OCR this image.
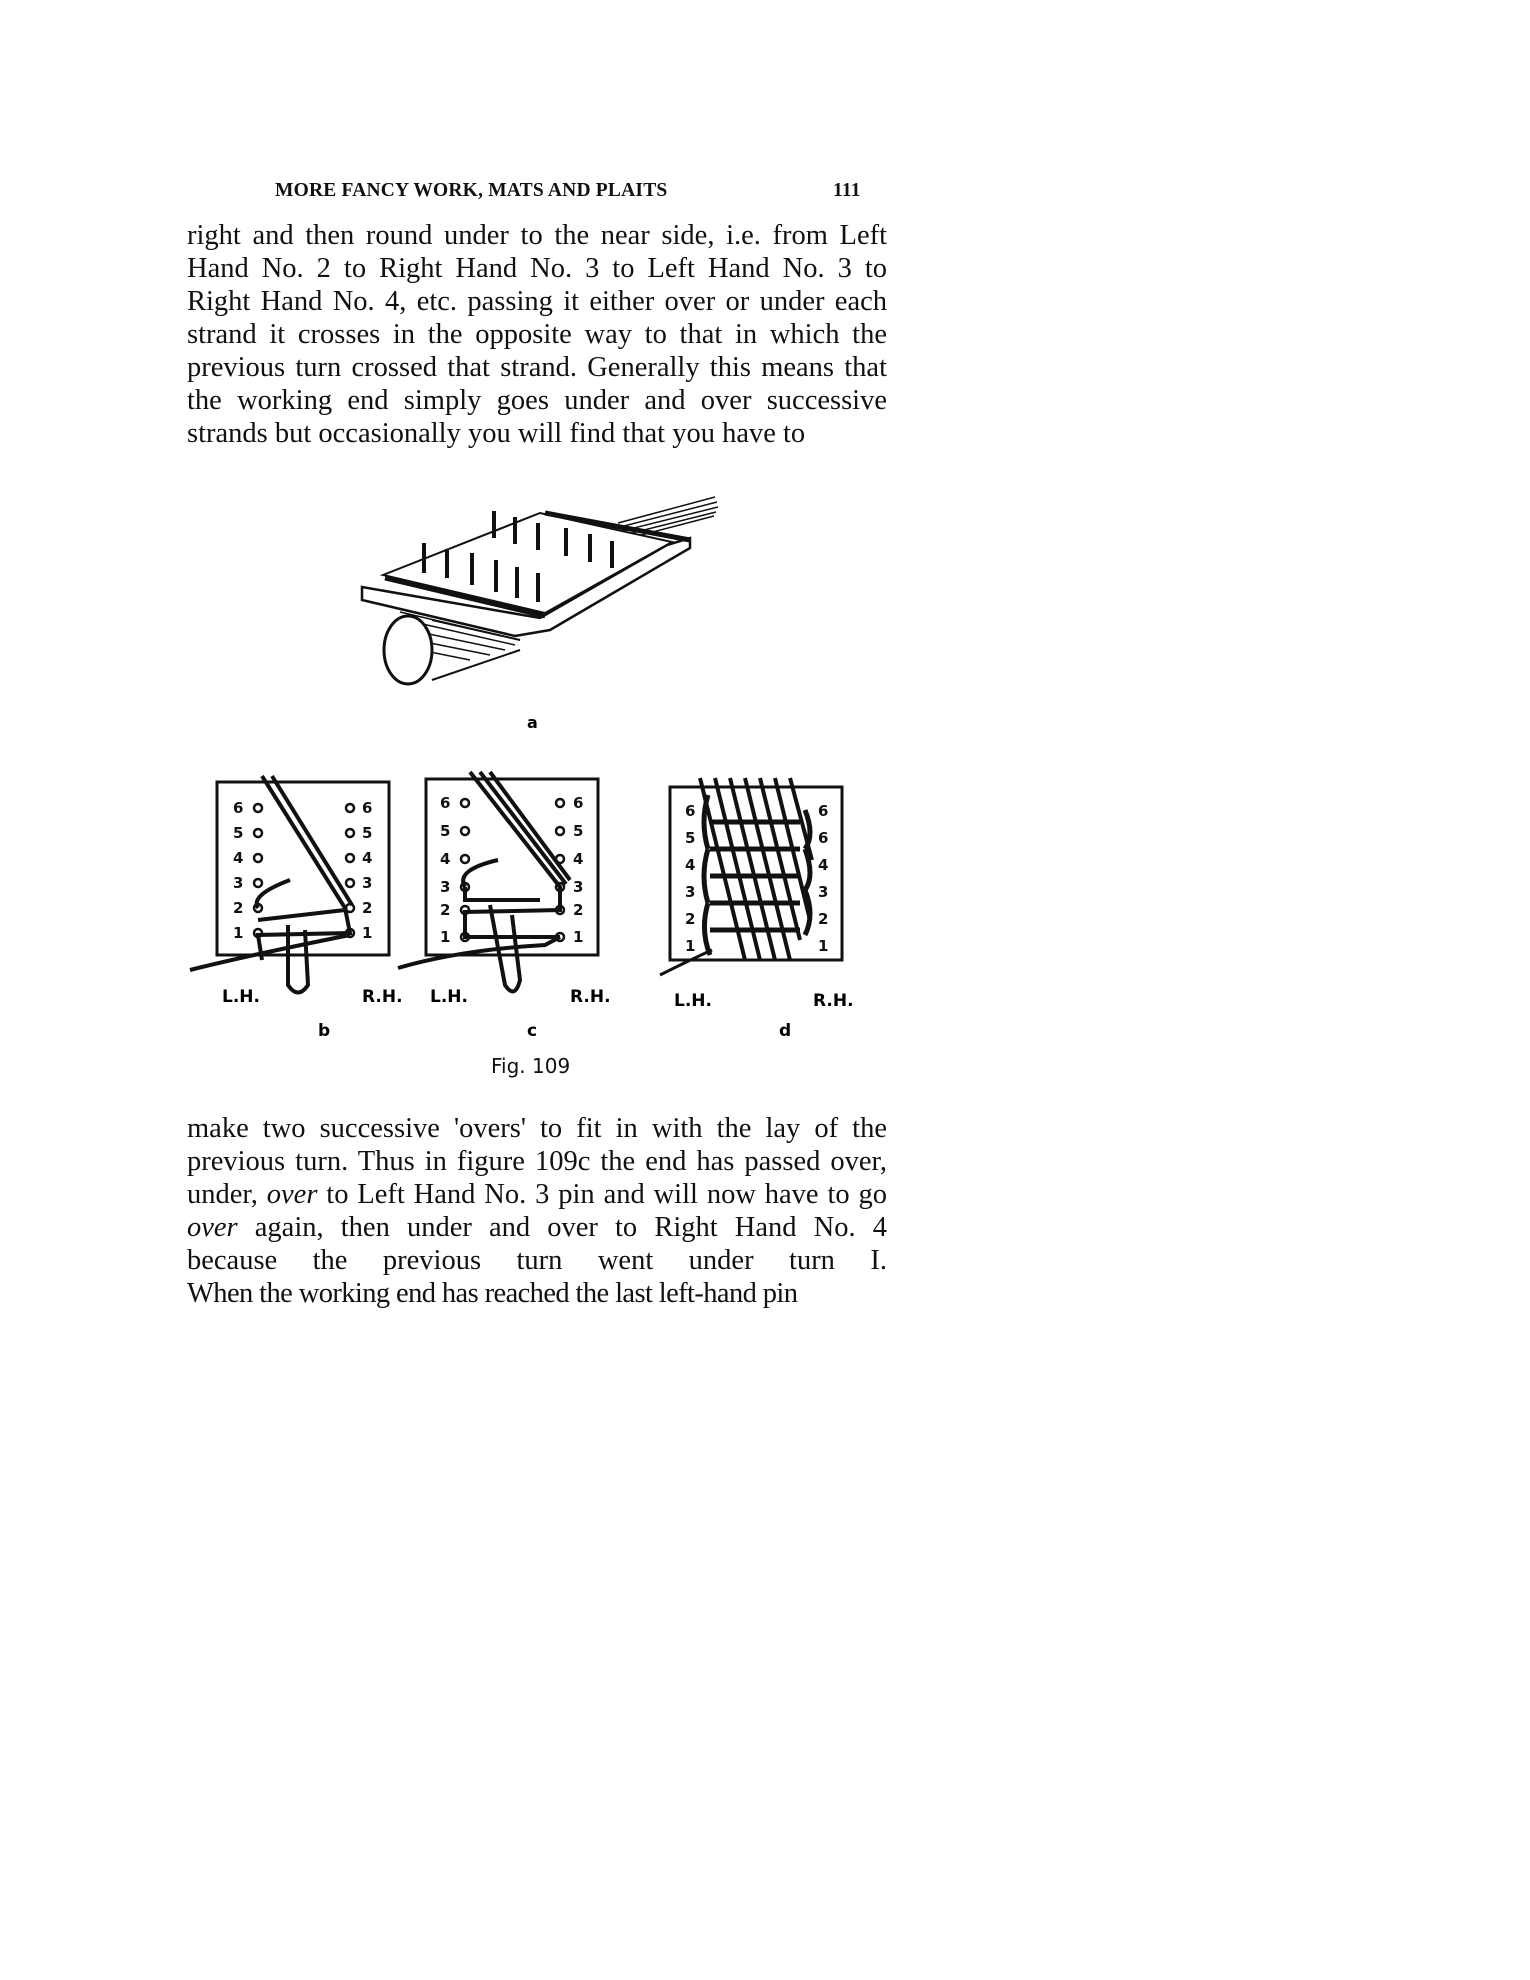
MORE FANCY WORK, MATS AND PLAITS	111
right and then round under to the near side, i.e. from Left
Hand No. 2 to Right Hand No. 3 to Left Hand No. 3 to
Right Hand No. 4, etc. passing it either over or under each
strand it crosses in the opposite way to that in which the
previous turn crossed that strand. Generally this means that
the working end simply goes under and over successive
strands but occasionally you will find that you have to
a
6
5
4
3
2
1
6
5
4
3
2
1
L.H.	R.H.
b
6
5
4
3
2
1
6
5
4
3
2
1
L.H.	R.H.
c
6
5
4
3
2
1
6
6
4
3
2
1
L.H.	R.H.
d
Fig. 109
make two successive 'overs' to fit in with the lay of the
previous turn. Thus in figure 109c the end has passed over,
under, over to Left Hand No. 3 pin and will now have to go
over again, then under and over to Right Hand No. 4
because the previous turn went under turn I.
When the working end has reached the last left-hand pin
